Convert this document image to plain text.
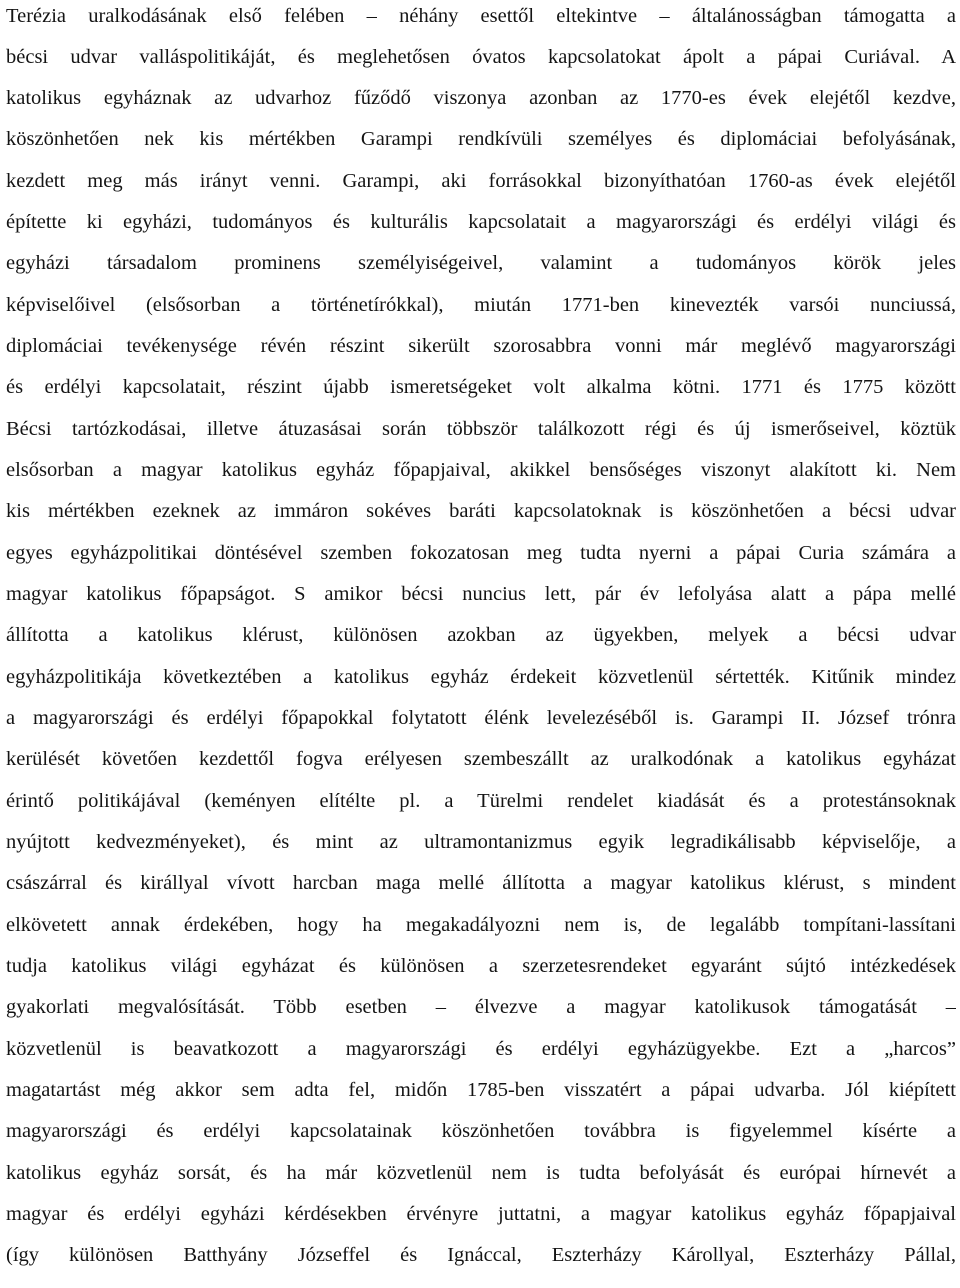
Terézia uralkodásának első felében – néhány esettől eltekintve – általánosságban támogatta a
bécsi udvar valláspolitikáját, és meglehetősen óvatos kapcsolatokat ápolt a pápai Curiával. A
katolikus egyháznak az udvarhoz fűződő viszonya azonban az 1770-es évek elejétől kezdve,
köszönhetően nek kis mértékben Garampi rendkívüli személyes és diplomáciai befolyásának,
kezdett meg más irányt venni. Garampi, aki forrásokkal bizonyíthatóan 1760-as évek elejétől
építette ki egyházi, tudományos és kulturális kapcsolatait a magyarországi és erdélyi világi és
egyházi társadalom prominens személyiségeivel, valamint a tudományos körök jeles
képviselőivel (elsősorban a történetírókkal), miután 1771-ben kinevezték varsói nunciussá,
diplomáciai tevékenysége révén részint sikerült szorosabbra vonni már meglévő magyarországi
és erdélyi kapcsolatait, részint újabb ismeretségeket volt alkalma kötni. 1771 és 1775 között
Bécsi tartózkodásai, illetve átuzasásai során többször találkozott régi és új ismerőseivel, köztük
elsősorban a magyar katolikus egyház főpapjaival, akikkel bensőséges viszonyt alakított ki. Nem
kis mértékben ezeknek az immáron sokéves baráti kapcsolatoknak is köszönhetően a bécsi udvar
egyes egyházpolitikai döntésével szemben fokozatosan meg tudta nyerni a pápai Curia számára a
magyar katolikus főpapságot. S amikor bécsi nuncius lett, pár év lefolyása alatt a pápa mellé
állította a katolikus klérust, különösen azokban az ügyekben, melyek a bécsi udvar
egyházpolitikája következtében a katolikus egyház érdekeit közvetlenül sértették. Kitűnik mindez
a magyarországi és erdélyi főpapokkal folytatott élénk levelezéséből is. Garampi II. József trónra
kerülését követően kezdettől fogva erélyesen szembeszállt az uralkodónak a katolikus egyházat
érintő politikájával (keményen elítélte pl. a Türelmi rendelet kiadását és a protestánsoknak
nyújtott kedvezményeket), és mint az ultramontanizmus egyik legradikálisabb képviselője, a
császárral és királlyal vívott harcban maga mellé állította a magyar katolikus klérust, s mindent
elkövetett annak érdekében, hogy ha megakadályozni nem is, de legalább tompítani-lassítani
tudja katolikus világi egyházat és különösen a szerzetesrendeket egyaránt sújtó intézkedések
gyakorlati megvalósítását. Több esetben – élvezve a magyar katolikusok támogatását –
közvetlenül is beavatkozott a magyarországi és erdélyi egyházügyekbe. Ezt a „harcos”
magatartást még akkor sem adta fel, midőn 1785-ben visszatért a pápai udvarba. Jól kiépített
magyarországi és erdélyi kapcsolatainak köszönhetően továbbra is figyelemmel kísérte a
katolikus egyház sorsát, és ha már közvetlenül nem is tudta befolyását és európai hírnevét a
magyar és erdélyi egyházi kérdésekben érvényre juttatni, a magyar katolikus egyház főpapjaival
(így különösen Batthyány Józseffel és Ignáccal, Eszterházy Károllyal, Eszterházy Pállal,
